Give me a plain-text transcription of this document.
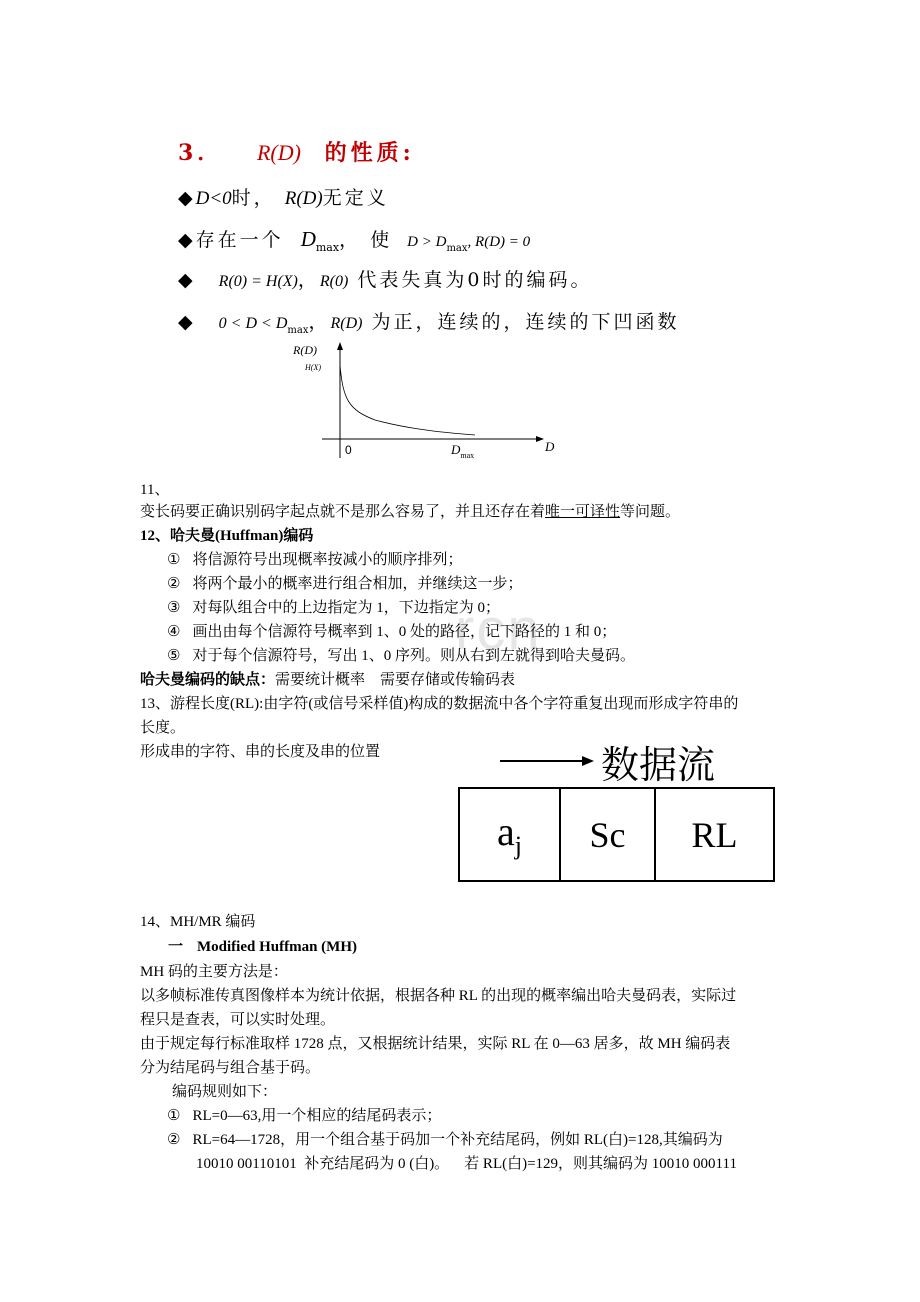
rcn
3． R(D) 的性质:
◆D<0时， R(D)无定义
◆存在一个 $D_{max}$， 使 $D > D_{max}$, R(D) = 0
◆ R(0) = H(X)，R(0) 代表失真为0时的编码。
◆ $0 < D < D_{max}$，R(D) 为正，连续的，连续的下凹函数
R(D)
H(X)
D
0	$D_{max}$
11、
变长码要正确识别码字起点就不是那么容易了，并且还存在着唯一可译性等问题。
12、哈夫曼(Huffman)编码
① 将信源符号出现概率按减小的顺序排列；
② 将两个最小的概率进行组合相加，并继续这一步；
③ 对每队组合中的上边指定为 1，下边指定为 0；
④ 画出由每个信源符号概率到 1、0 处的路径，记下路径的 1 和 0；
⑤ 对于每个信源符号，写出 1、0 序列。则从右到左就得到哈夫曼码。
哈夫曼编码的缺点：需要统计概率    需要存储或传输码表
13、游程长度(RL):由字符(或信号采样值)构成的数据流中各个字符重复出现而形成字符串的
长度。
形成串的字符、串的长度及串的位置	数据流
$a_j$ Sc RL
14、MH/MR 编码
一 Modified Huffman (MH)
MH 码的主要方法是：
以多帧标准传真图像样本为统计依据，根据各种 RL 的出现的概率编出哈夫曼码表，实际过
程只是查表，可以实时处理。
由于规定每行标准取样 1728 点，又根据统计结果，实际 RL 在 0—63 居多，故 MH 编码表
分为结尾码与组合基于码。
编码规则如下：
① RL=0—63,用一个相应的结尾码表示；
② RL=64—1728，用一个组合基于码加一个补充结尾码，例如 RL(白)=128,其编码为
10010 00110101  补充结尾码为 0 (白)。    若 RL(白)=129，则其编码为 10010 000111
